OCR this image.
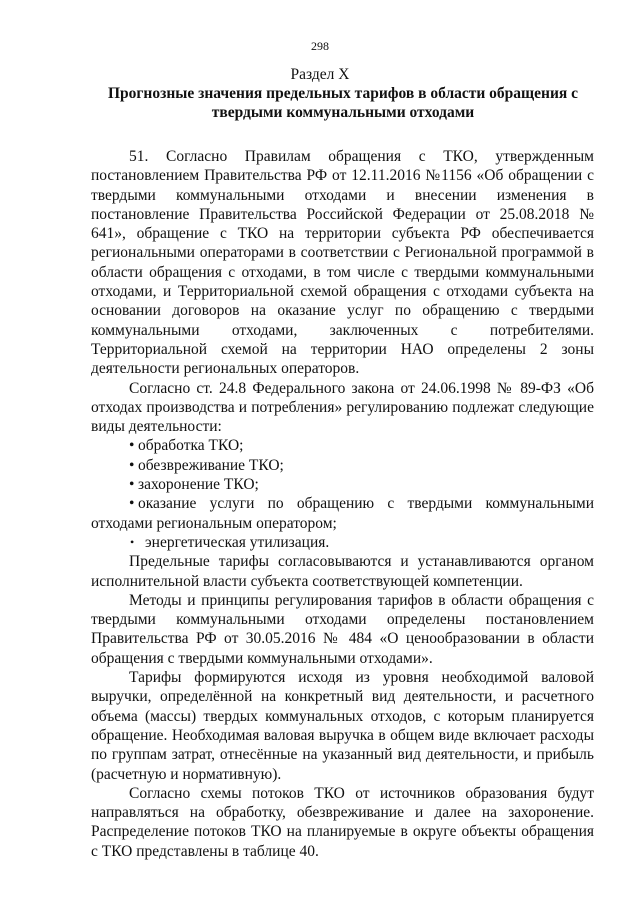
298
Раздел X
Прогнозные значения предельных тарифов в области обращения с твердыми коммунальными отходами

51. Согласно Правилам обращения с ТКО, утвержденным постановлением Правительства РФ от 12.11.2016 №1156 «Об обращении с твердыми коммунальными отходами и внесении изменения в постановление Правительства Российской Федерации от 25.08.2018 № 641», обращение с ТКО на территории субъекта РФ обеспечивается региональными операторами в соответствии с Региональной программой в области обращения с отходами, в том числе с твердыми коммунальными отходами, и Территориальной схемой обращения с отходами субъекта на основании договоров на оказание услуг по обращению с твердыми коммунальными отходами, заключенных с потребителями. Территориальной схемой на территории НАО определены 2 зоны деятельности региональных операторов.

Согласно ст. 24.8 Федерального закона от 24.06.1998 № 89-ФЗ «Об отходах производства и потребления» регулированию подлежат следующие виды деятельности:

• обработка ТКО;
• обезвреживание ТКО;
• захоронение ТКО;
• оказание услуги по обращению с твердыми коммунальными отходами региональным оператором;
• энергетическая утилизация.

Предельные тарифы согласовываются и устанавливаются органом исполнительной власти субъекта соответствующей компетенции.

Методы и принципы регулирования тарифов в области обращения с твердыми коммунальными отходами определены постановлением Правительства РФ от 30.05.2016 № 484 «О ценообразовании в области обращения с твердыми коммунальными отходами».

Тарифы формируются исходя из уровня необходимой валовой выручки, определённой на конкретный вид деятельности, и расчетного объема (массы) твердых коммунальных отходов, с которым планируется обращение. Необходимая валовая выручка в общем виде включает расходы по группам затрат, отнесённые на указанный вид деятельности, и прибыль (расчетную и нормативную).

Согласно схемы потоков ТКО от источников образования будут направляться на обработку, обезвреживание и далее на захоронение. Распределение потоков ТКО на планируемые в округе объекты обращения с ТКО представлены в таблице 40.
